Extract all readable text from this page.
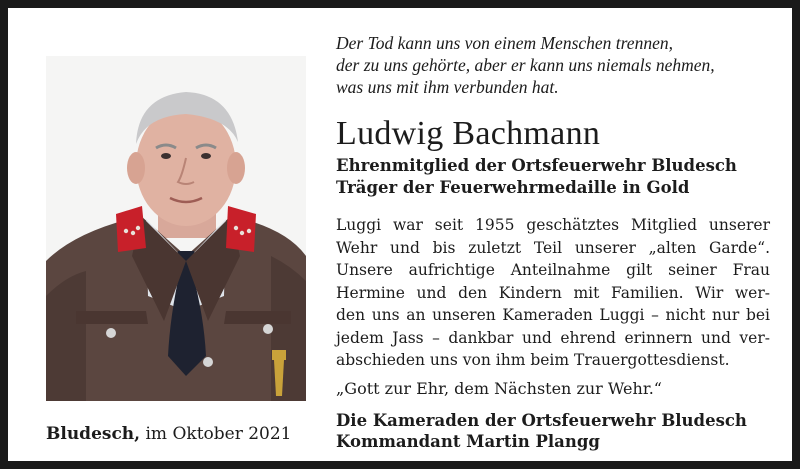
Bludesch, im Oktober 2021
Der Tod kann uns von einem Menschen trennen,
der zu uns gehörte, aber er kann uns niemals nehmen,
was uns mit ihm verbunden hat.
Ludwig Bachmann
Ehrenmitglied der Ortsfeuerwehr Bludesch
Träger der Feuerwehrmedaille in Gold
Luggi war seit 1955 geschätztes Mitglied unserer
Wehr und bis zuletzt Teil unserer „alten Garde“.
Unsere aufrichtige Anteilnahme gilt seiner Frau
Hermine und den Kindern mit Familien. Wir wer-
den uns an unseren Kameraden Luggi – nicht nur bei
jedem Jass – dankbar und ehrend erinnern und ver-
abschieden uns von ihm beim Trauergottesdienst.
„Gott zur Ehr, dem Nächsten zur Wehr.“
Die Kameraden der Ortsfeuerwehr Bludesch
Kommandant Martin Plangg
